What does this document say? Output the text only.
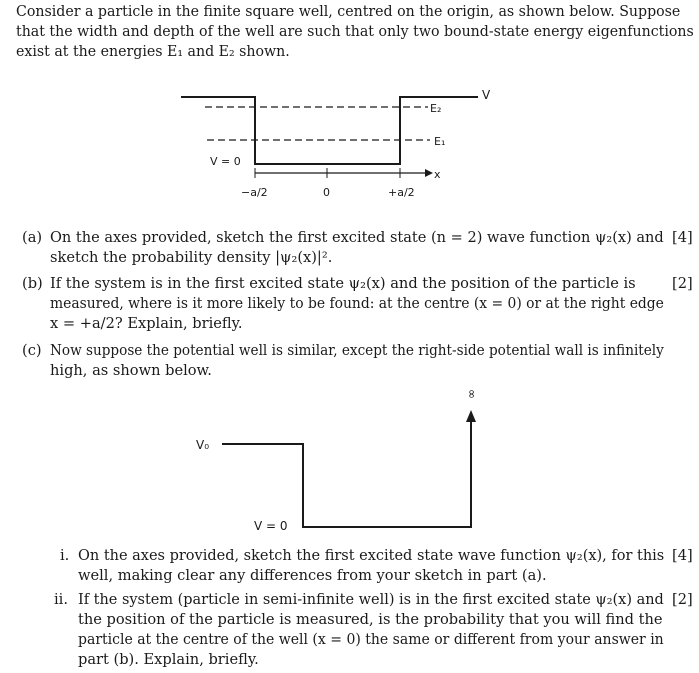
Consider a particle in the finite square well, centred on the origin, as shown below. Suppose that the width and depth of the well are such that only two bound-state energy eigenfunctions exist at the energies E₁ and E₂ shown.
V
E₂
E₁
V = 0
x
−a/2	0	+a/2
∞
V₀
V = 0
(a) On the axes provided, sketch the first excited state (n = 2) wave function ψ₂(x) and
sketch the probability density |ψ₂(x)|².
[4]
(b) If the system is in the first excited state ψ₂(x) and the position of the particle is
measured, where is it more likely to be found: at the centre (x = 0) or at the right edge
x = +a/2? Explain, briefly.
[2]
(c) Now suppose the potential well is similar, except the right-side potential wall is infinitely
high, as shown below.
i. On the axes provided, sketch the first excited state wave function ψ₂(x), for this
well, making clear any differences from your sketch in part (a).
[4]
ii. If the system (particle in semi-infinite well) is in the first excited state ψ₂(x) and
the position of the particle is measured, is the probability that you will find the
particle at the centre of the well (x = 0) the same or different from your answer in
part (b). Explain, briefly.
[2]
